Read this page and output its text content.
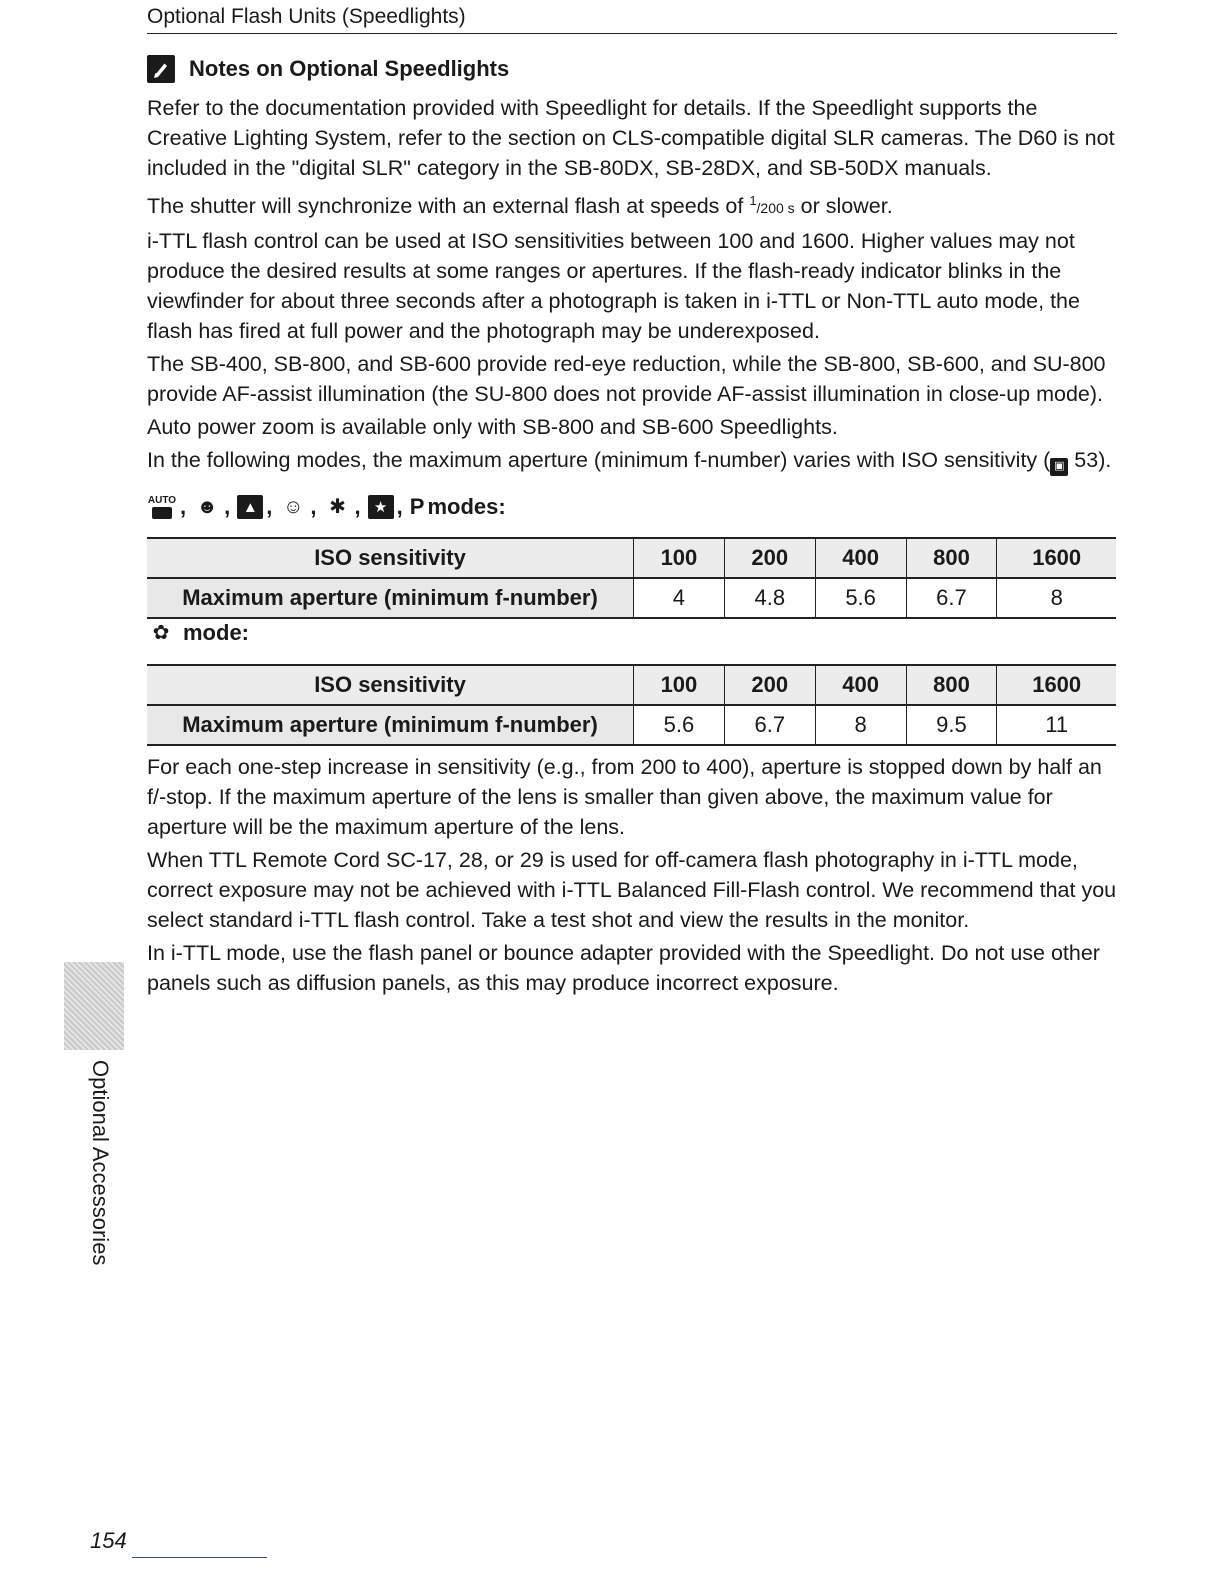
Optional Flash Units (Speedlights)
Notes on Optional Speedlights

Refer to the documentation provided with Speedlight for details. If the Speedlight supports the Creative Lighting System, refer to the section on CLS-compatible digital SLR cameras. The D60 is not included in the "digital SLR" category in the SB-80DX, SB-28DX, and SB-50DX manuals.

The shutter will synchronize with an external flash at speeds of $^1$/200 s or slower.

i-TTL flash control can be used at ISO sensitivities between 100 and 1600. Higher values may not produce the desired results at some ranges or apertures. If the flash-ready indicator blinks in the viewfinder for about three seconds after a photograph is taken in i-TTL or Non-TTL auto mode, the flash has fired at full power and the photograph may be underexposed.

The SB-400, SB-800, and SB-600 provide red-eye reduction, while the SB-800, SB-600, and SU-800 provide AF-assist illumination (the SU-800 does not provide AF-assist illumination in close-up mode).

Auto power zoom is available only with SB-800 and SB-600 Speedlights.

In the following modes, the maximum aperture (minimum f-number) varies with ISO sensitivity ( ▣ 53).

AUTO , ☻ , ▲ , ☺ , ✱ , ★ , P modes:
ISO sensitivity	100	200	400	800	1600
Maximum aperture (minimum f-number)	4	4.8	5.6	6.7	8
✿ mode:
ISO sensitivity	100	200	400	800	1600
Maximum aperture (minimum f-number)	5.6	6.7	8	9.5	11

For each one-step increase in sensitivity (e.g., from 200 to 400), aperture is stopped down by half an f/-stop. If the maximum aperture of the lens is smaller than given above, the maximum value for aperture will be the maximum aperture of the lens.

When TTL Remote Cord SC-17, 28, or 29 is used for off-camera flash photography in i-TTL mode, correct exposure may not be achieved with i-TTL Balanced Fill-Flash control. We recommend that you select standard i-TTL flash control. Take a test shot and view the results in the monitor.

In i-TTL mode, use the flash panel or bounce adapter provided with the Speedlight. Do not use other panels such as diffusion panels, as this may produce incorrect exposure.

Optional Accessories
154
